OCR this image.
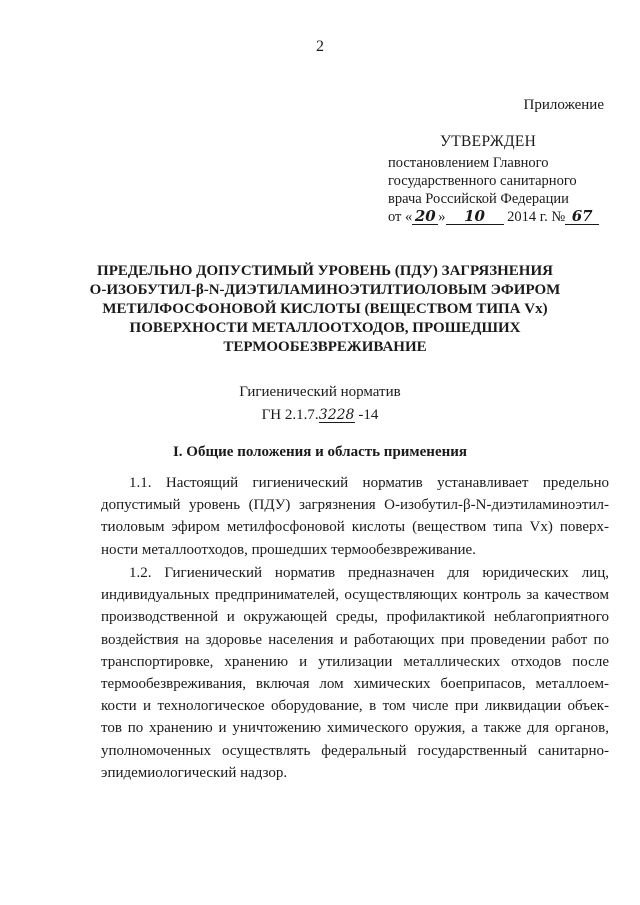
2
Приложение
УТВЕРЖДЕН
постановлением Главного
государственного санитарного
врача Российской Федерации
от « 20 » 10 2014 г. № 67
ПРЕДЕЛЬНО ДОПУСТИМЫЙ УРОВЕНЬ (ПДУ) ЗАГРЯЗНЕНИЯ
О-ИЗОБУТИЛ-β-N-ДИЭТИЛАМИНОЭТИЛТИОЛОВЫМ ЭФИРОМ
МЕТИЛФОСФОНОВОЙ КИСЛОТЫ (ВЕЩЕСТВОМ ТИПА Vx)
ПОВЕРХНОСТИ МЕТАЛЛООТХОДОВ, ПРОШЕДШИХ
ТЕРМООБЕЗВРЕЖИВАНИЕ
Гигиенический норматив
ГН 2.1.7.3228 -14
I. Общие положения и область применения
1.1. Настоящий гигиенический норматив устанавливает предельно
допустимый уровень (ПДУ) загрязнения О-изобутил-β-N-диэтиламиноэтил-
тиоловым эфиром метилфосфоновой кислоты (веществом типа Vx) поверх-
ности металлоотходов, прошедших термообезвреживание.
1.2. Гигиенический норматив предназначен для юридических лиц,
индивидуальных предпринимателей, осуществляющих контроль за качеством
производственной и окружающей среды, профилактикой неблагоприятного
воздействия на здоровье населения и работающих при проведении работ по
транспортировке, хранению и утилизации металлических отходов после
термообезвреживания, включая лом химических боеприпасов, металлоем-
кости и технологическое оборудование, в том числе при ликвидации объек-
тов по хранению и уничтожению химического оружия, а также для органов,
уполномоченных осуществлять федеральный государственный санитарно-
эпидемиологический надзор.
